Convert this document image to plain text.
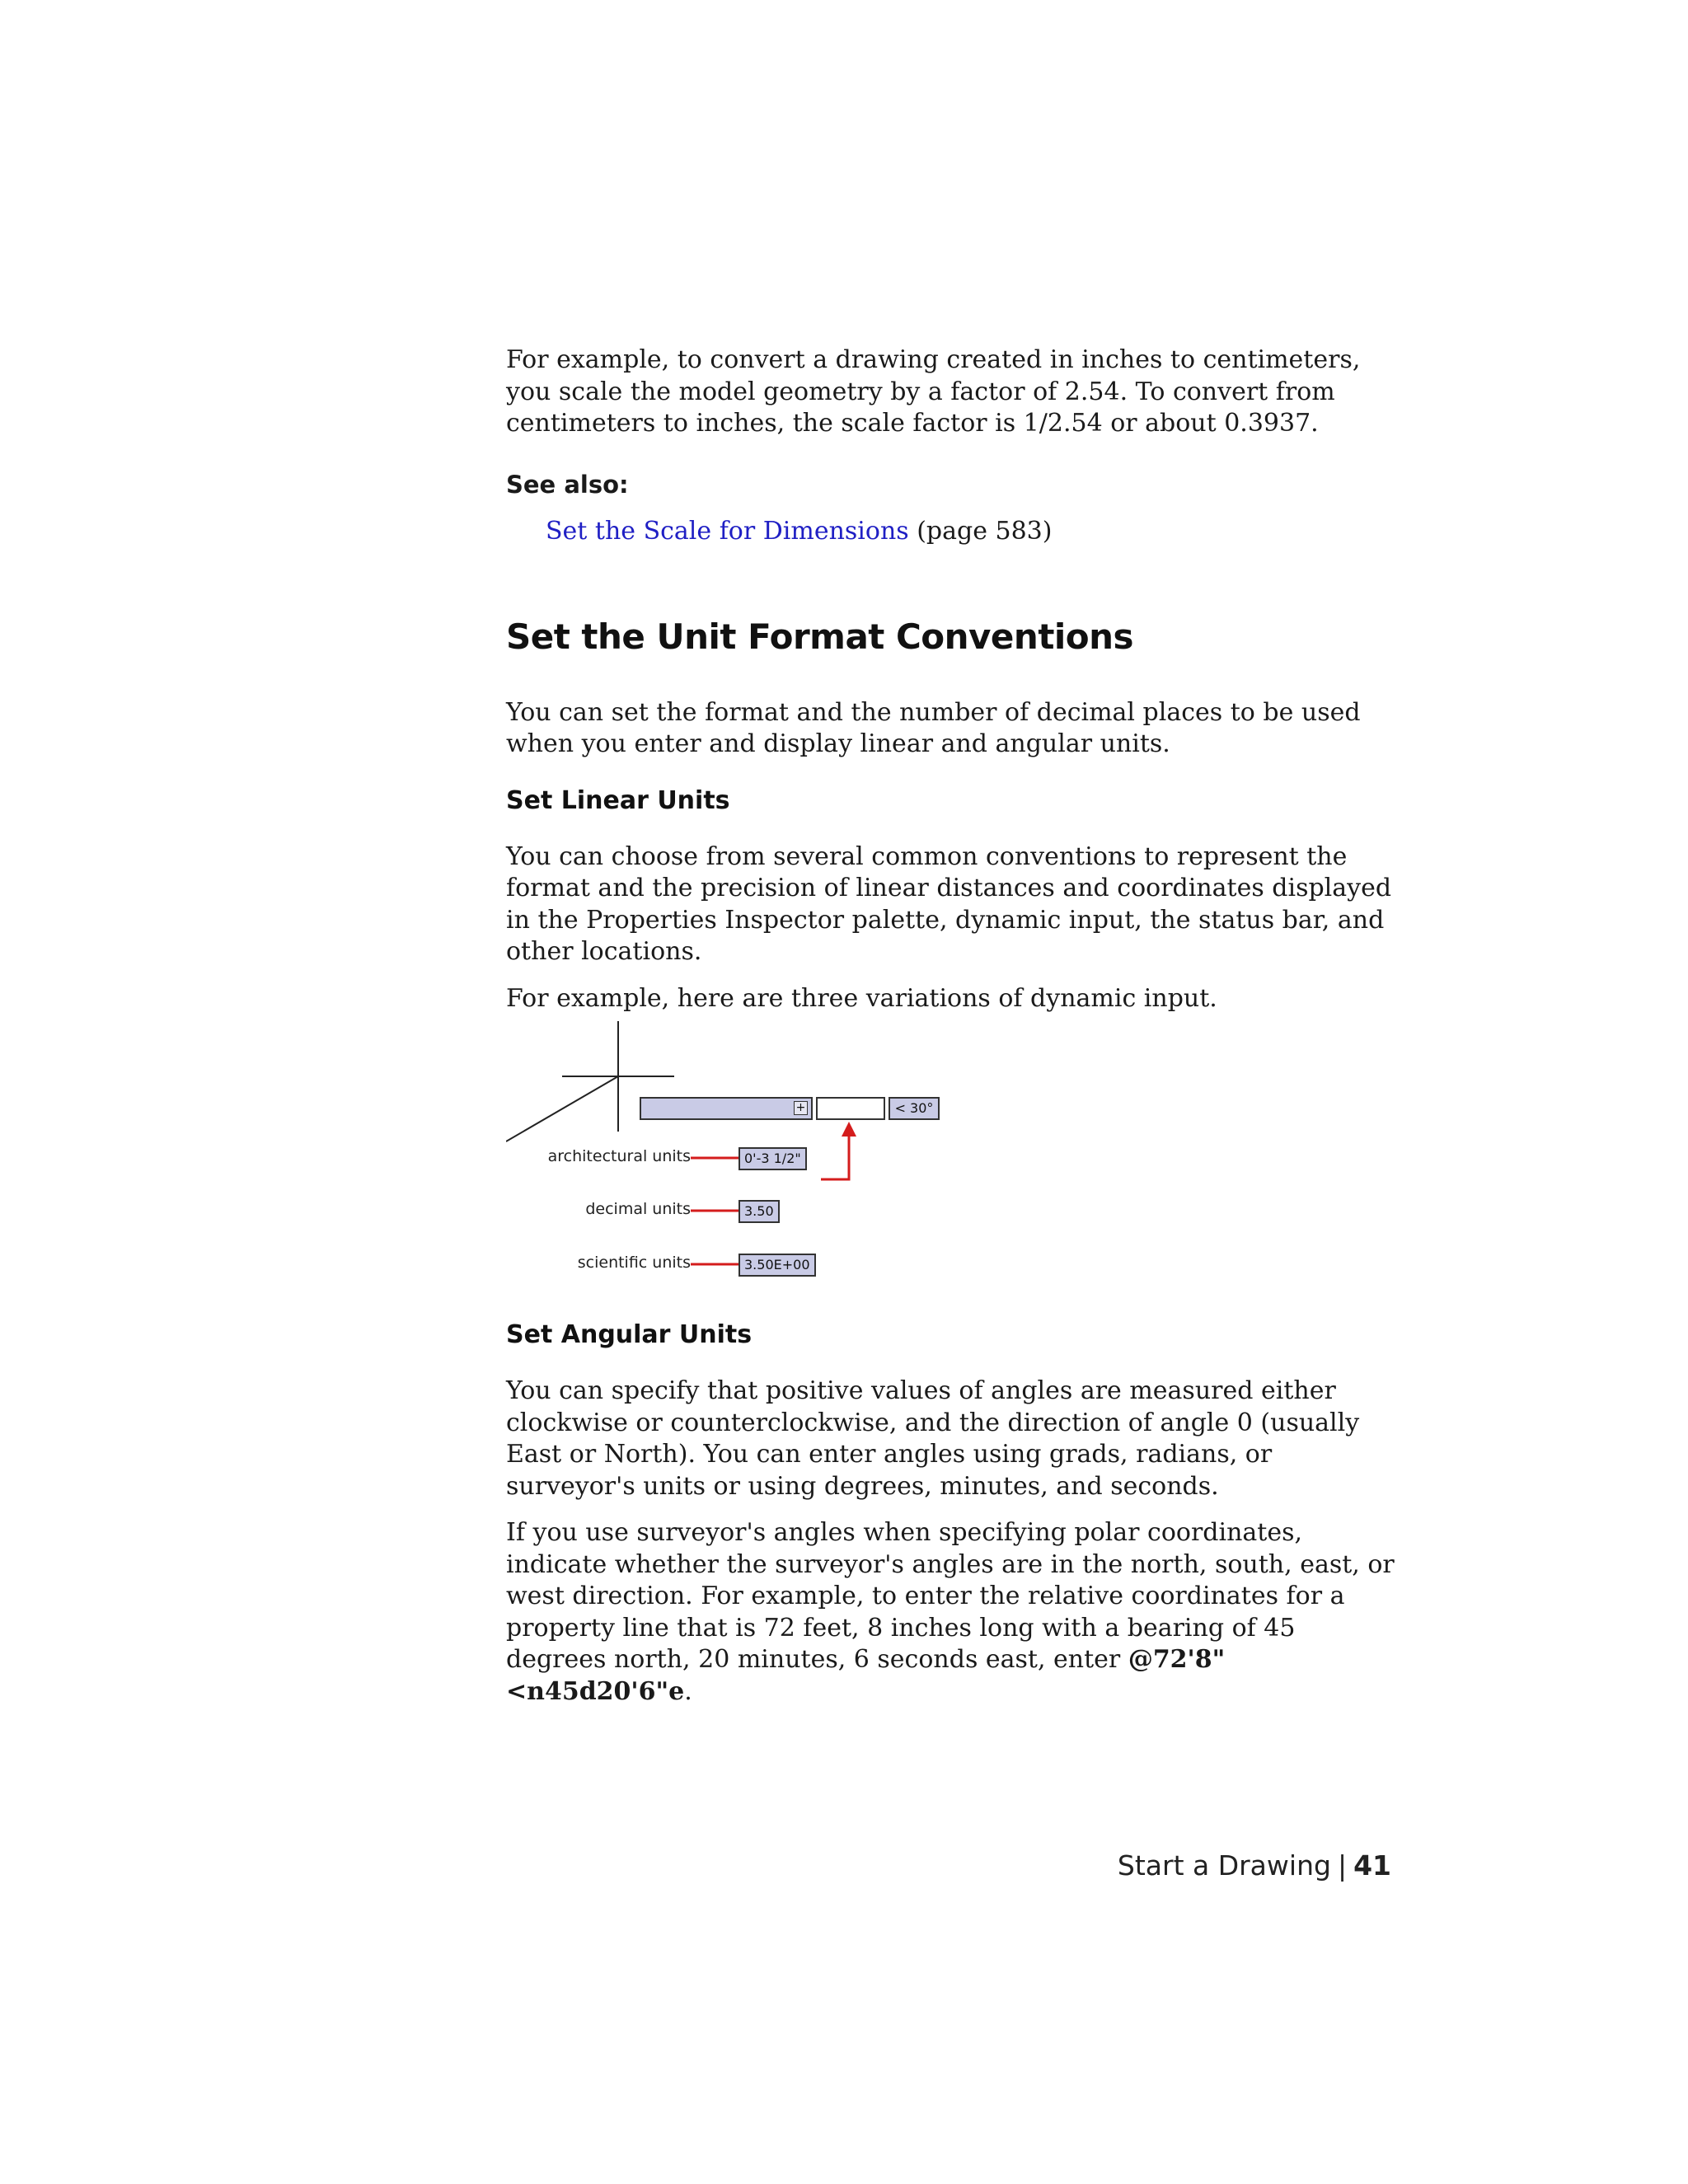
For example, to convert a drawing created in inches to centimeters, you scale the model geometry by a factor of 2.54. To convert from centimeters to inches, the scale factor is 1/2.54 or about 0.3937.

See also:
Set the Scale for Dimensions (page 583)
Set the Unit Format Conventions

You can set the format and the number of decimal places to be used when you enter and display linear and angular units.

Set Linear Units

You can choose from several common conventions to represent the format and the precision of linear distances and coordinates displayed in the Properties Inspector palette, dynamic input, the status bar, and other locations.

For example, here are three variations of dynamic input.

+	< 30°
architectural units	0'-3 1/2"
decimal units	3.50
scientific units	3.50E+00
Set Angular Units

You can specify that positive values of angles are measured either clockwise or counterclockwise, and the direction of angle 0 (usually East or North). You can enter angles using grads, radians, or surveyor's units or using degrees, minutes, and seconds.

If you use surveyor's angles when specifying polar coordinates, indicate whether the surveyor's angles are in the north, south, east, or west direction. For example, to enter the relative coordinates for a property line that is 72 feet, 8 inches long with a bearing of 45 degrees north, 20 minutes, 6 seconds east, enter @72'8"<n45d20'6"e.

Start a Drawing | 41
